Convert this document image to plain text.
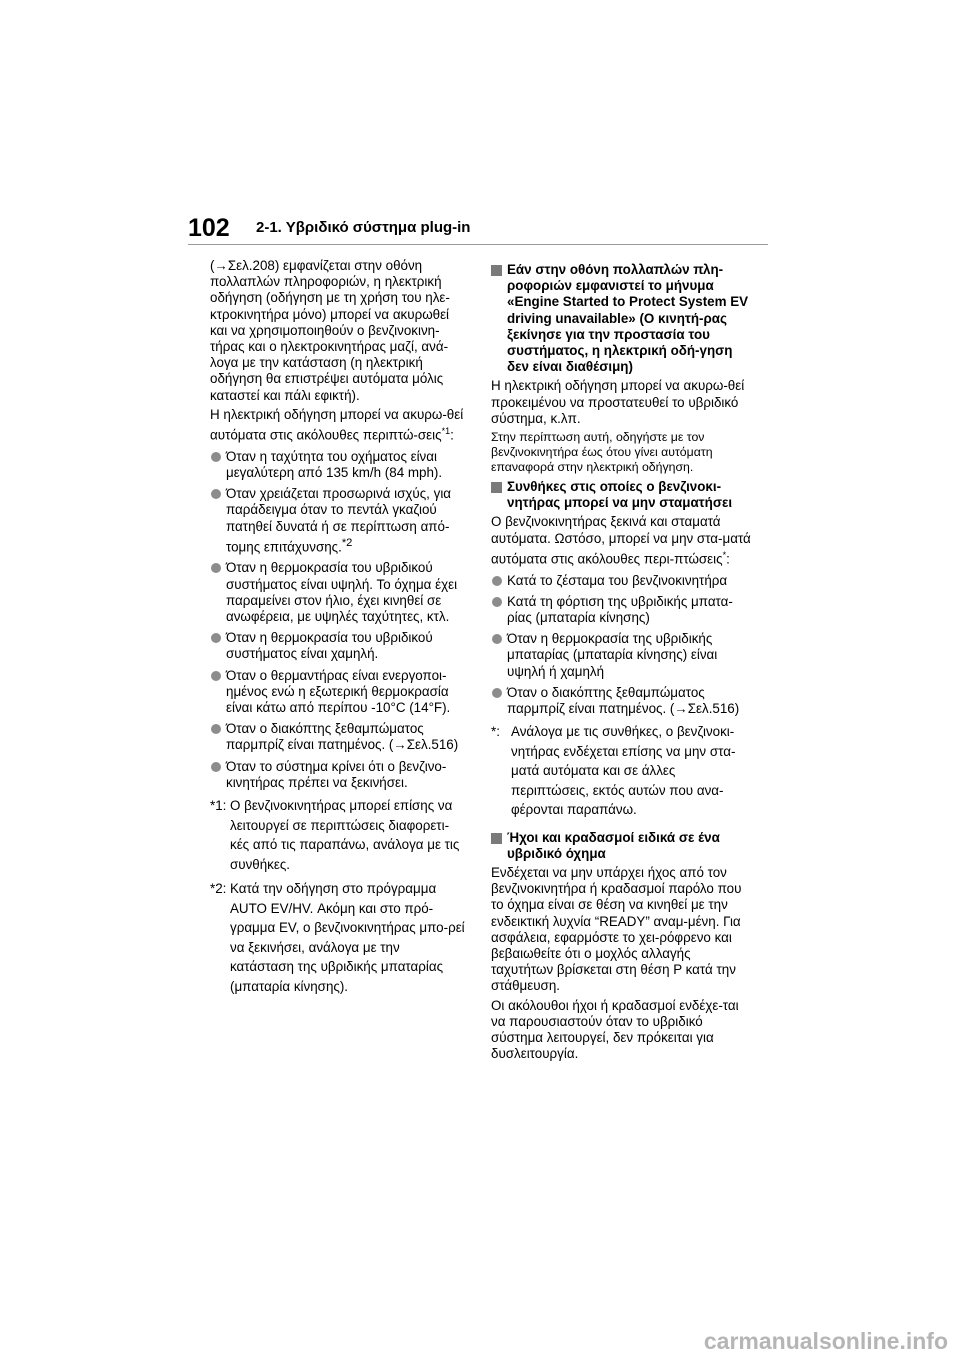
102 2-1. Υβριδικό σύστημα plug-in

(→Σελ.208) εμφανίζεται στην οθόνη πολλαπλών πληροφοριών, η ηλεκτρική οδήγηση (οδήγηση με τη χρήση του ηλε-κτροκινητήρα μόνο) μπορεί να ακυρωθεί και να χρησιμοποιηθούν ο βενζινοκινη-τήρας και ο ηλεκτροκινητήρας μαζί, ανά-λογα με την κατάσταση (η ηλεκτρική οδήγηση θα επιστρέψει αυτόματα μόλις καταστεί και πάλι εφικτή).

Η ηλεκτρική οδήγηση μπορεί να ακυρω-θεί αυτόματα στις ακόλουθες περιπτώ-σεις$^{*1}$:

Όταν η ταχύτητα του οχήματος είναι μεγαλύτερη από 135 km/h (84 mph).
Όταν χρειάζεται προσωρινά ισχύς, για παράδειγμα όταν το πεντάλ γκαζιού πατηθεί δυνατά ή σε περίπτωση από-τομης επιτάχυνσης.$^{*2}$
Όταν η θερμοκρασία του υβριδικού συστήματος είναι υψηλή. Το όχημα έχει παραμείνει στον ήλιο, έχει κινηθεί σε ανωφέρεια, με υψηλές ταχύτητες, κτλ.
Όταν η θερμοκρασία του υβριδικού συστήματος είναι χαμηλή.
Όταν ο θερμαντήρας είναι ενεργοποι-ημένος ενώ η εξωτερική θερμοκρασία είναι κάτω από περίπου -10°C (14°F).
Όταν ο διακόπτης ξεθαμπώματος παρμπρίζ είναι πατημένος. (→Σελ.516)
Όταν το σύστημα κρίνει ότι ο βενζινο-κινητήρας πρέπει να ξεκινήσει.
*1: Ο βενζινοκινητήρας μπορεί επίσης να λειτουργεί σε περιπτώσεις διαφορετι-κές από τις παραπάνω, ανάλογα με τις συνθήκες.
*2: Κατά την οδήγηση στο πρόγραμμα AUTO EV/HV. Ακόμη και στο πρό-γραμμα EV, ο βενζινοκινητήρας μπο-ρεί να ξεκινήσει, ανάλογα με την κατάσταση της υβριδικής μπαταρίας (μπαταρία κίνησης).
Εάν στην οθόνη πολλαπλών πλη-ροφοριών εμφανιστεί το μήνυμα «Engine Started to Protect System EV driving unavailable» (Ο κινητή-ρας ξεκίνησε για την προστασία του συστήματος, η ηλεκτρική οδή-γηση δεν είναι διαθέσιμη)

Η ηλεκτρική οδήγηση μπορεί να ακυρω-θεί προκειμένου να προστατευθεί το υβριδικό σύστημα, κ.λπ.

Στην περίπτωση αυτή, οδηγήστε με τον βενζινοκινητήρα έως ότου γίνει αυτόματη επαναφορά στην ηλεκτρική οδήγηση.

Συνθήκες στις οποίες ο βενζινοκι-νητήρας μπορεί να μην σταματήσει

Ο βενζινοκινητήρας ξεκινά και σταματά αυτόματα. Ωστόσο, μπορεί να μην στα-ματά αυτόματα στις ακόλουθες περι-πτώσεις*:

Κατά το ζέσταμα του βενζινοκινητήρα
Κατά τη φόρτιση της υβριδικής μπατα-ρίας (μπαταρία κίνησης)
Όταν η θερμοκρασία της υβριδικής μπαταρίας (μπαταρία κίνησης) είναι υψηλή ή χαμηλή
Όταν ο διακόπτης ξεθαμπώματος παρμπρίζ είναι πατημένος. (→Σελ.516)
*: Ανάλογα με τις συνθήκες, ο βενζινοκι-νητήρας ενδέχεται επίσης να μην στα-ματά αυτόματα και σε άλλες περιπτώσεις, εκτός αυτών που ανα-φέρονται παραπάνω.
Ήχοι και κραδασμοί ειδικά σε ένα υβριδικό όχημα

Ενδέχεται να μην υπάρχει ήχος από τον βενζινοκινητήρα ή κραδασμοί παρόλο που το όχημα είναι σε θέση να κινηθεί με την ενδεικτική λυχνία “READY” αναμ-μένη. Για ασφάλεια, εφαρμόστε το χει-ρόφρενο και βεβαιωθείτε ότι ο μοχλός αλλαγής ταχυτήτων βρίσκεται στη θέση P κατά την στάθμευση.

Οι ακόλουθοι ήχοι ή κραδασμοί ενδέχε-ται να παρουσιαστούν όταν το υβριδικό σύστημα λειτουργεί, δεν πρόκειται για δυσλειτουργία.

carmanualsonline.info
